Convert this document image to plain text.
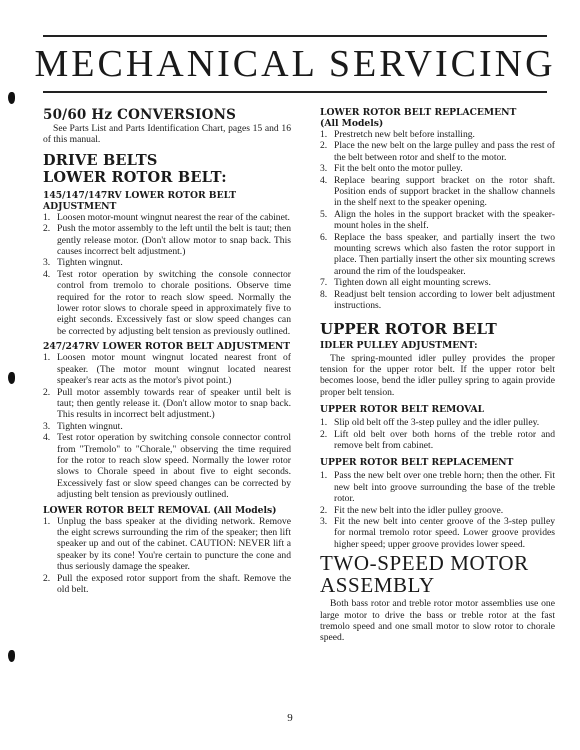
MECHANICAL SERVICING
50/60 Hz CONVERSIONS
See Parts List and Parts Identification Chart, pages 15 and 16 of this manual.
DRIVE BELTS
LOWER ROTOR BELT:
145/147/147RV LOWER ROTOR BELT ADJUSTMENT
1. Loosen motor-mount wingnut nearest the rear of the cabinet.
2. Push the motor assembly to the left until the belt is taut; then gently release motor. (Don't allow motor to snap back. This causes incorrect belt adjustment.)
3. Tighten wingnut.
4. Test rotor operation by switching the console connector control from tremolo to chorale positions. Observe time required for the rotor to reach slow speed. Normally the lower rotor slows to chorale speed in approximately five to eight seconds. Excessively fast or slow speed changes can be corrected by adjusting belt tension as previously outlined.
247/247RV LOWER ROTOR BELT ADJUSTMENT
1. Loosen motor mount wingnut located nearest front of speaker. (The motor mount wingnut located nearest speaker's rear acts as the motor's pivot point.)
2. Pull motor assembly towards rear of speaker until belt is taut; then gently release it. (Don't allow motor to snap back. This results in incorrect belt adjustment.)
3. Tighten wingnut.
4. Test rotor operation by switching console connector control from "Tremolo" to "Chorale," observing the time required for the rotor to reach slow speed. Normally the lower rotor slows to Chorale speed in about five to eight seconds. Excessively fast or slow speed changes can be corrected by adjusting belt tension as previously outlined.
LOWER ROTOR BELT REMOVAL (All Models)
1. Unplug the bass speaker at the dividing network. Remove the eight screws surrounding the rim of the speaker; then lift speaker up and out of the cabinet. CAUTION: NEVER lift a speaker by its cone! You're certain to puncture the cone and thus seriously damage the speaker.
2. Pull the exposed rotor support from the shaft. Remove the old belt.
LOWER ROTOR BELT REPLACEMENT
(All Models)
1. Prestretch new belt before installing.
2. Place the new belt on the large pulley and pass the rest of the belt between rotor and shelf to the motor.
3. Fit the belt onto the motor pulley.
4. Replace bearing support bracket on the rotor shaft. Position ends of support bracket in the shallow channels in the shelf next to the speaker opening.
5. Align the holes in the support bracket with the speaker-mount holes in the shelf.
6. Replace the bass speaker, and partially insert the two mounting screws which also fasten the rotor support in place. Then partially insert the other six mounting screws around the rim of the loudspeaker.
7. Tighten down all eight mounting screws.
8. Readjust belt tension according to lower belt adjustment instructions.
UPPER ROTOR BELT
IDLER PULLEY ADJUSTMENT:
The spring-mounted idler pulley provides the proper tension for the upper rotor belt. If the upper rotor belt becomes loose, bend the idler pulley spring to again provide proper belt tension.
UPPER ROTOR BELT REMOVAL
1. Slip old belt off the 3-step pulley and the idler pulley.
2. Lift old belt over both horns of the treble rotor and remove belt from cabinet.
UPPER ROTOR BELT REPLACEMENT
1. Pass the new belt over one treble horn; then the other. Fit new belt into groove surrounding the base of the treble rotor.
2. Fit the new belt into the idler pulley groove.
3. Fit the new belt into center groove of the 3-step pulley for normal tremolo rotor speed. Lower groove provides higher speed; upper groove provides lower speed.
TWO-SPEED MOTOR ASSEMBLY
Both bass rotor and treble rotor motor assemblies use one large motor to drive the bass or treble rotor at the fast tremolo speed and one small motor to slow rotor to chorale speed.
9
